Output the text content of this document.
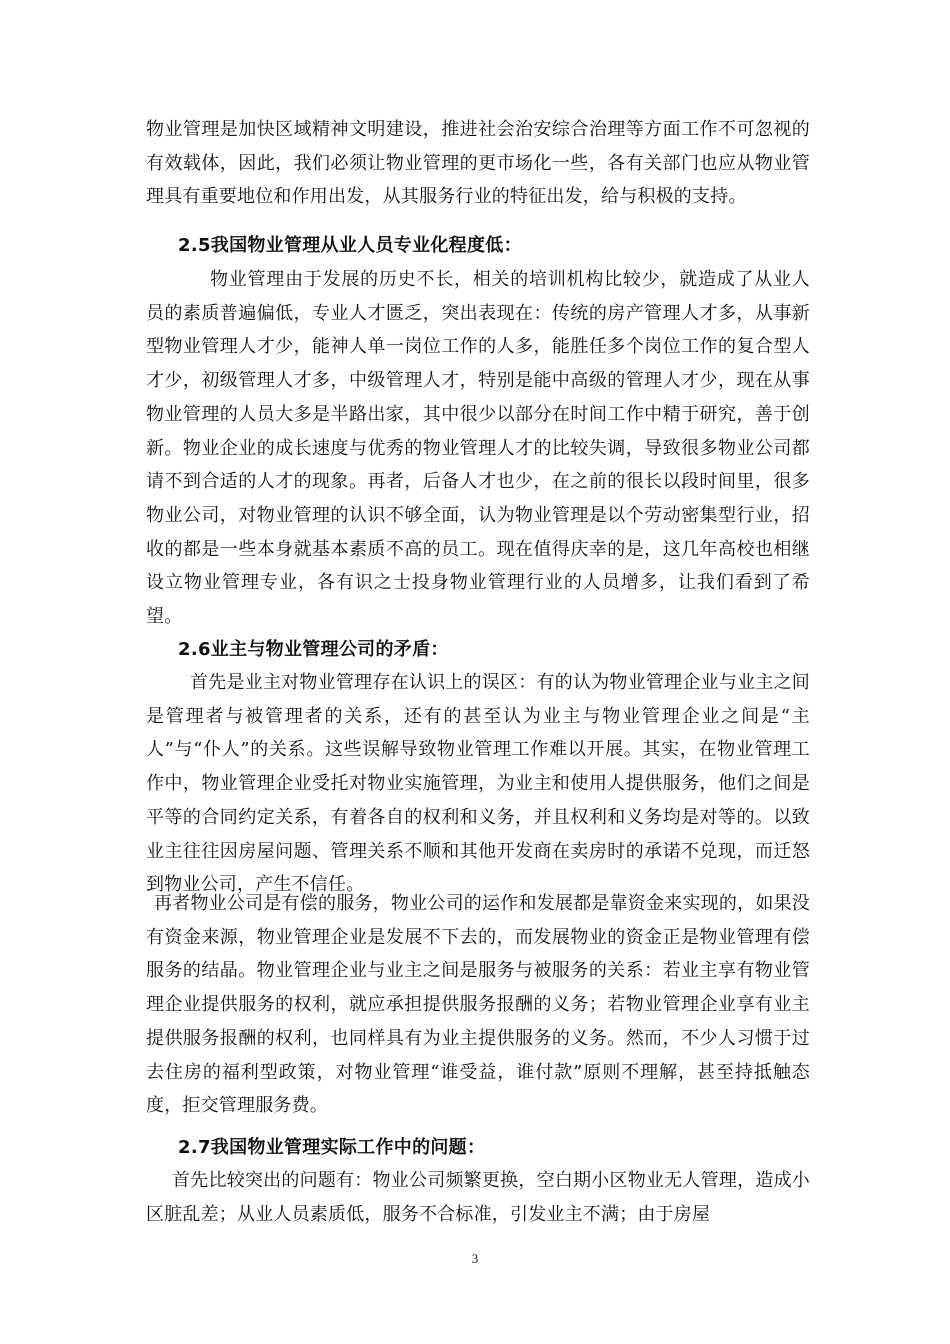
物业管理是加快区域精神文明建设，推进社会治安综合治理等方面工作不可忽视的有效载体，因此，我们必须让物业管理的更市场化一些，各有关部门也应从物业管理具有重要地位和作用出发，从其服务行业的特征出发，给与积极的支持。

2.5我国物业管理从业人员专业化程度低：

物业管理由于发展的历史不长，相关的培训机构比较少，就造成了从业人员的素质普遍偏低，专业人才匮乏，突出表现在：传统的房产管理人才多，从事新型物业管理人才少，能神人单一岗位工作的人多，能胜任多个岗位工作的复合型人才少，初级管理人才多，中级管理人才，特别是能中高级的管理人才少，现在从事物业管理的人员大多是半路出家，其中很少以部分在时间工作中精于研究，善于创新。物业企业的成长速度与优秀的物业管理人才的比较失调，导致很多物业公司都请不到合适的人才的现象。再者，后备人才也少，在之前的很长以段时间里，很多物业公司，对物业管理的认识不够全面，认为物业管理是以个劳动密集型行业，招收的都是一些本身就基本素质不高的员工。现在值得庆幸的是，这几年高校也相继设立物业管理专业，各有识之士投身物业管理行业的人员增多，让我们看到了希望。

2.6业主与物业管理公司的矛盾：

首先是业主对物业管理存在认识上的误区：有的认为物业管理企业与业主之间是管理者与被管理者的关系，还有的甚至认为业主与物业管理企业之间是“主人”与“仆人”的关系。这些误解导致物业管理工作难以开展。其实，在物业管理工作中，物业管理企业受托对物业实施管理，为业主和使用人提供服务，他们之间是平等的合同约定关系，有着各自的权利和义务，并且权利和义务均是对等的。以致业主往往因房屋问题、管理关系不顺和其他开发商在卖房时的承诺不兑现，而迁怒到物业公司，产生不信任。

再者物业公司是有偿的服务，物业公司的运作和发展都是靠资金来实现的，如果没有资金来源，物业管理企业是发展不下去的，而发展物业的资金正是物业管理有偿服务的结晶。物业管理企业与业主之间是服务与被服务的关系：若业主享有物业管理企业提供服务的权利，就应承担提供服务报酬的义务；若物业管理企业享有业主提供服务报酬的权利，也同样具有为业主提供服务的义务。然而，不少人习惯于过去住房的福利型政策，对物业管理“谁受益，谁付款”原则不理解，甚至持抵触态度，拒交管理服务费。

2.7我国物业管理实际工作中的问题：

首先比较突出的问题有：物业公司频繁更换，空白期小区物业无人管理，造成小区脏乱差；从业人员素质低，服务不合标准，引发业主不满；由于房屋

3
